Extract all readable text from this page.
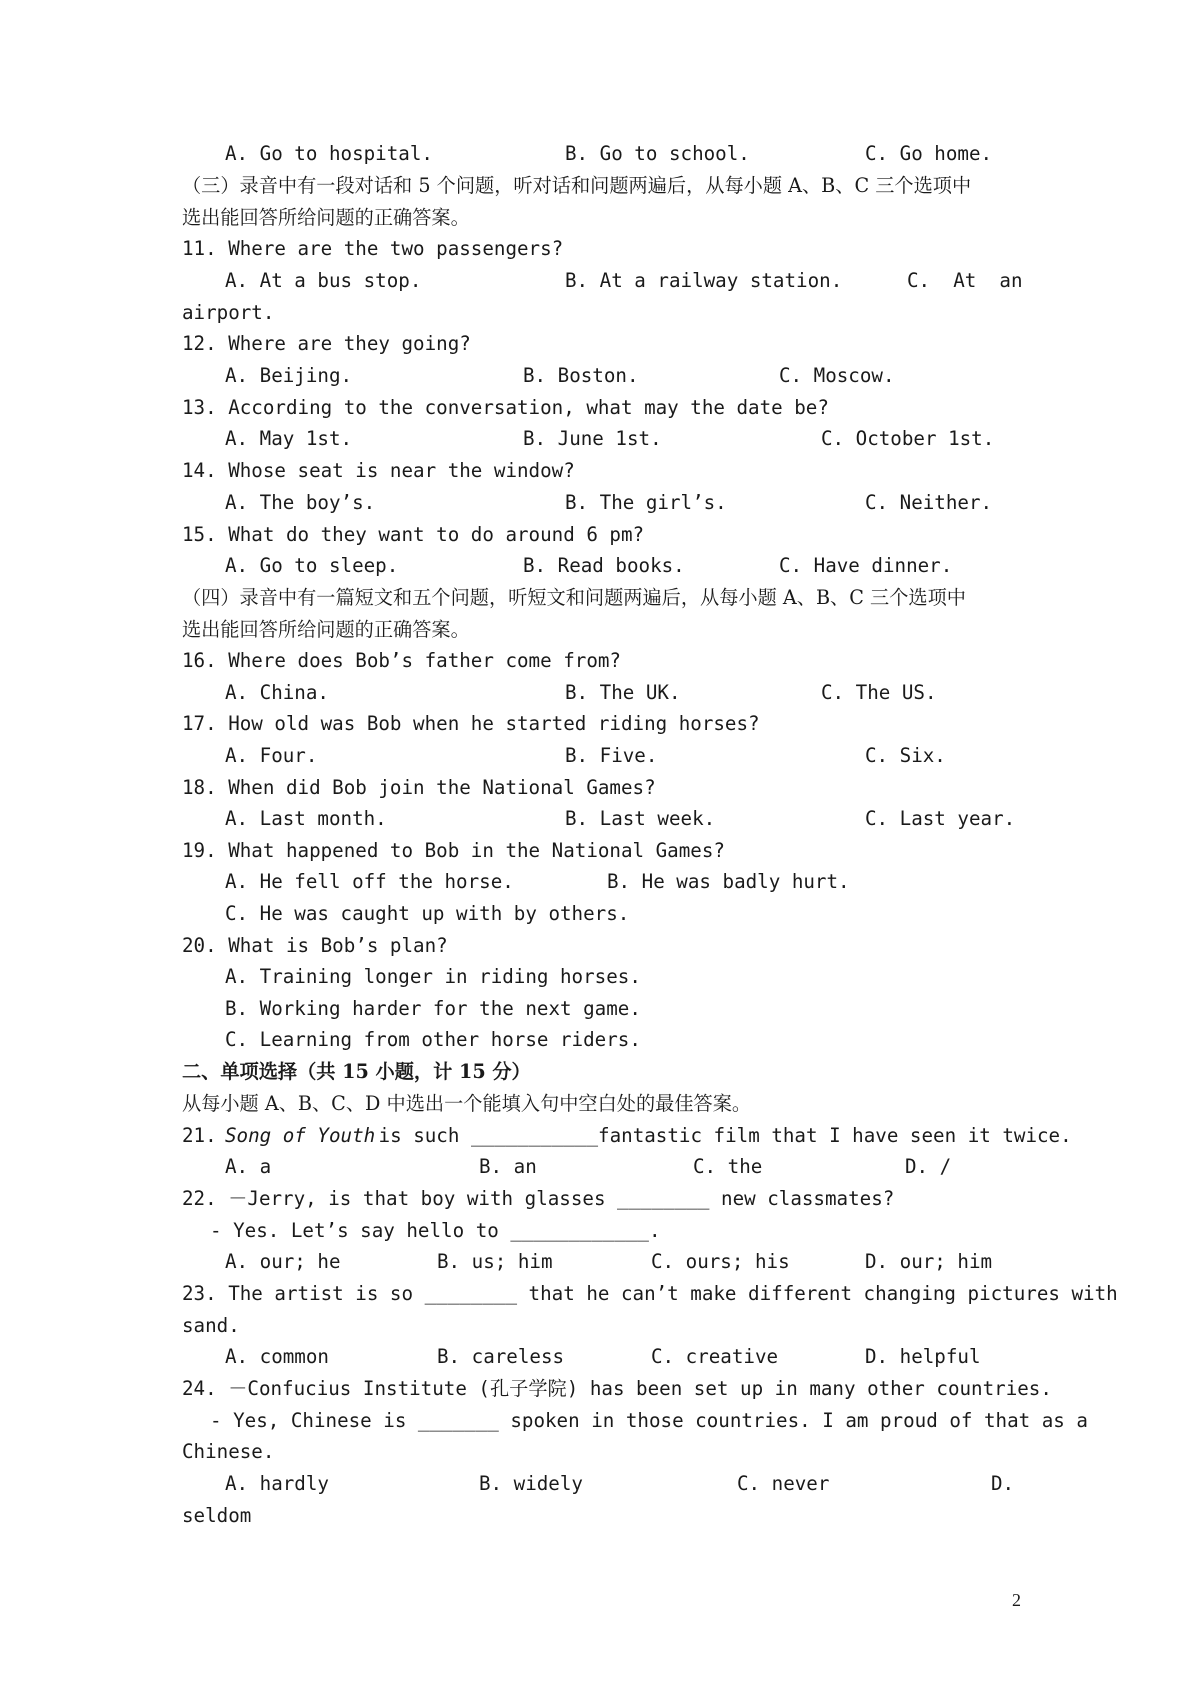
A. Go to hospital.	B. Go to school.	C. Go home.
（三）录音中有一段对话和 5 个问题，听对话和问题两遍后，从每小题 A、B、C 三个选项中
选出能回答所给问题的正确答案。
11. Where are the two passengers?
A. At a bus stop.	B. At a railway station.	C.  At  an
airport.
12. Where are they going?
A. Beijing.	B. Boston.	C. Moscow.
13. According to the conversation, what may the date be?
A. May 1st.	B. June 1st.	C. October 1st.
14. Whose seat is near the window?
A. The boy’s.	B. The girl’s.	C. Neither.
15. What do they want to do around 6 pm?
A. Go to sleep.	B. Read books.	C. Have dinner.
（四）录音中有一篇短文和五个问题，听短文和问题两遍后，从每小题 A、B、C 三个选项中
选出能回答所给问题的正确答案。
16. Where does Bob’s father come from?
A. China.	B. The UK.	C. The US.
17. How old was Bob when he started riding horses?
A. Four.	B. Five.	C. Six.
18. When did Bob join the National Games?
A. Last month.	B. Last week.	C. Last year.
19. What happened to Bob in the National Games?
A. He fell off the horse.	B. He was badly hurt.
C. He was caught up with by others.
20. What is Bob’s plan?
A. Training longer in riding horses.
B. Working harder for the next game.
C. Learning from other horse riders.
二、单项选择（共 15 小题，计 15 分）
从每小题 A、B、C、D 中选出一个能填入句中空白处的最佳答案。
21.
Song of Youth
is such ___________fantastic film that I have seen it twice.
A. a	B. an	C. the	D. /
22. －Jerry, is that boy with glasses ________ new classmates?
- Yes. Let’s say hello to ____________.
A. our; he	B. us; him	C. ours; his	D. our; him
23. The artist is so ________ that he can’t make different changing pictures with
sand.
A. common	B. careless	C. creative	D. helpful
24. －Confucius Institute (孔子学院) has been set up in many other countries.
- Yes, Chinese is _______ spoken in those countries. I am proud of that as a
Chinese.
A. hardly	B. widely	C. never	D.
seldom
2
